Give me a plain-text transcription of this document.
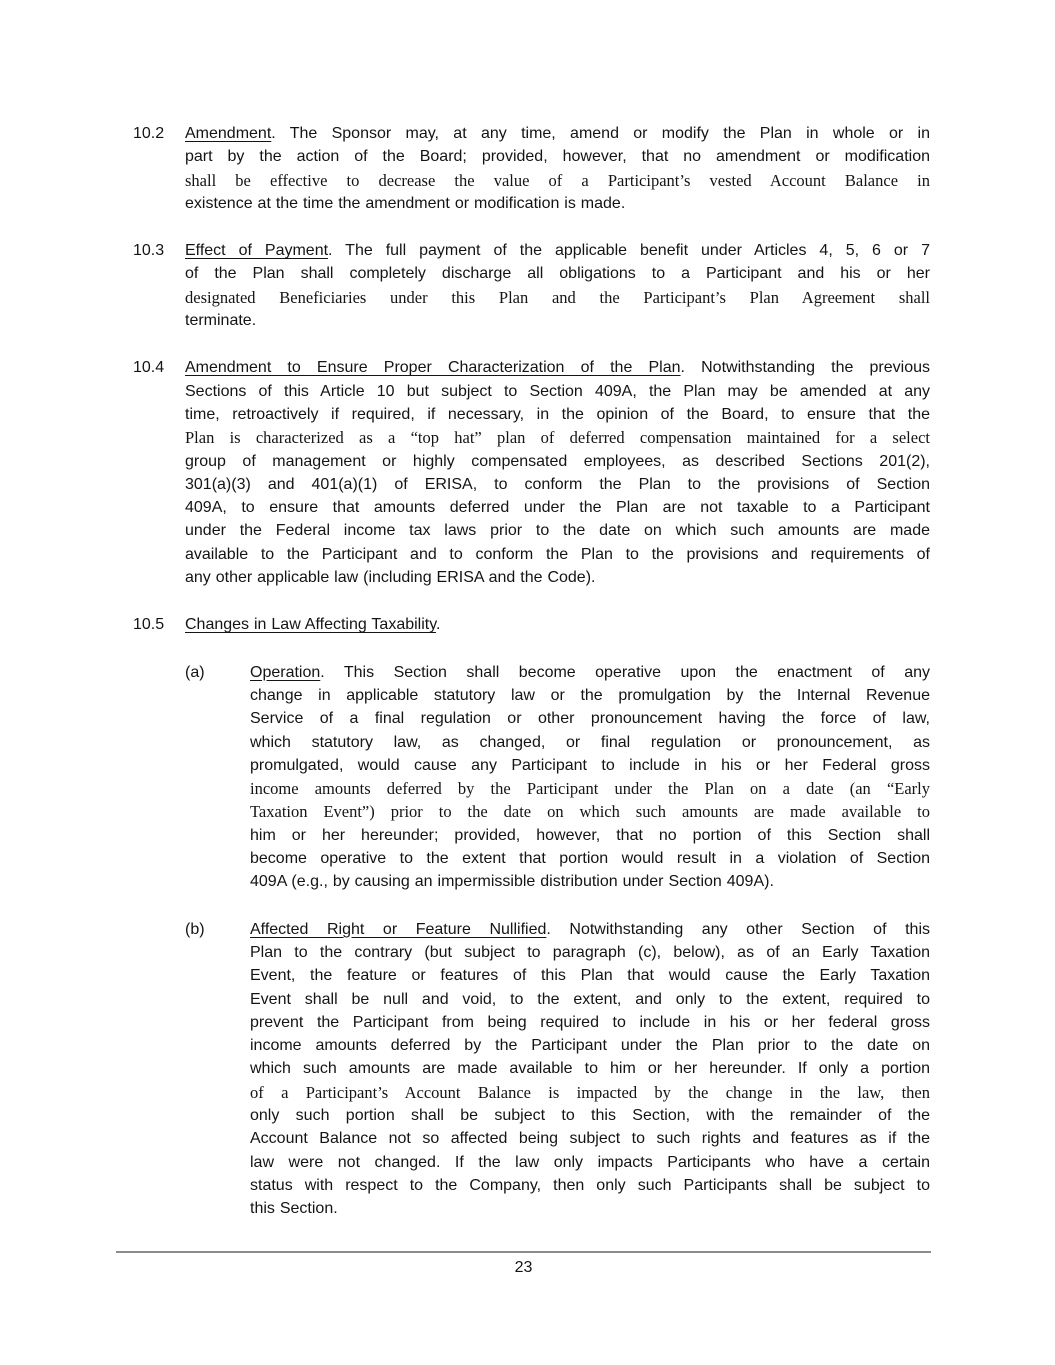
10.2	Amendment. The Sponsor may, at any time, amend or modify the Plan in whole or in
part by the action of the Board; provided, however, that no amendment or modification
shall be effective to decrease the value of a Participant’s vested Account Balance in
existence at the time the amendment or modification is made.
10.3	Effect of Payment. The full payment of the applicable benefit under Articles 4, 5, 6 or 7
of the Plan shall completely discharge all obligations to a Participant and his or her
designated Beneficiaries under this Plan and the Participant’s Plan Agreement shall
terminate.
10.4	Amendment to Ensure Proper Characterization of the Plan. Notwithstanding the previous
Sections of this Article 10 but subject to Section 409A, the Plan may be amended at any
time, retroactively if required, if necessary, in the opinion of the Board, to ensure that the
Plan is characterized as a “top hat” plan of deferred compensation maintained for a select
group of management or highly compensated employees, as described Sections 201(2),
301(a)(3) and 401(a)(1) of ERISA, to conform the Plan to the provisions of Section
409A, to ensure that amounts deferred under the Plan are not taxable to a Participant
under the Federal income tax laws prior to the date on which such amounts are made
available to the Participant and to conform the Plan to the provisions and requirements of
any other applicable law (including ERISA and the Code).
10.5	Changes in Law Affecting Taxability.
(a)	Operation. This Section shall become operative upon the enactment of any
change in applicable statutory law or the promulgation by the Internal Revenue
Service of a final regulation or other pronouncement having the force of law,
which statutory law, as changed, or final regulation or pronouncement, as
promulgated, would cause any Participant to include in his or her Federal gross
income amounts deferred by the Participant under the Plan on a date (an “Early
Taxation Event”) prior to the date on which such amounts are made available to
him or her hereunder; provided, however, that no portion of this Section shall
become operative to the extent that portion would result in a violation of Section
409A (e.g., by causing an impermissible distribution under Section 409A).
(b)	Affected Right or Feature Nullified. Notwithstanding any other Section of this
Plan to the contrary (but subject to paragraph (c), below), as of an Early Taxation
Event, the feature or features of this Plan that would cause the Early Taxation
Event shall be null and void, to the extent, and only to the extent, required to
prevent the Participant from being required to include in his or her federal gross
income amounts deferred by the Participant under the Plan prior to the date on
which such amounts are made available to him or her hereunder. If only a portion
of a Participant’s Account Balance is impacted by the change in the law, then
only such portion shall be subject to this Section, with the remainder of the
Account Balance not so affected being subject to such rights and features as if the
law were not changed. If the law only impacts Participants who have a certain
status with respect to the Company, then only such Participants shall be subject to
this Section.
23
